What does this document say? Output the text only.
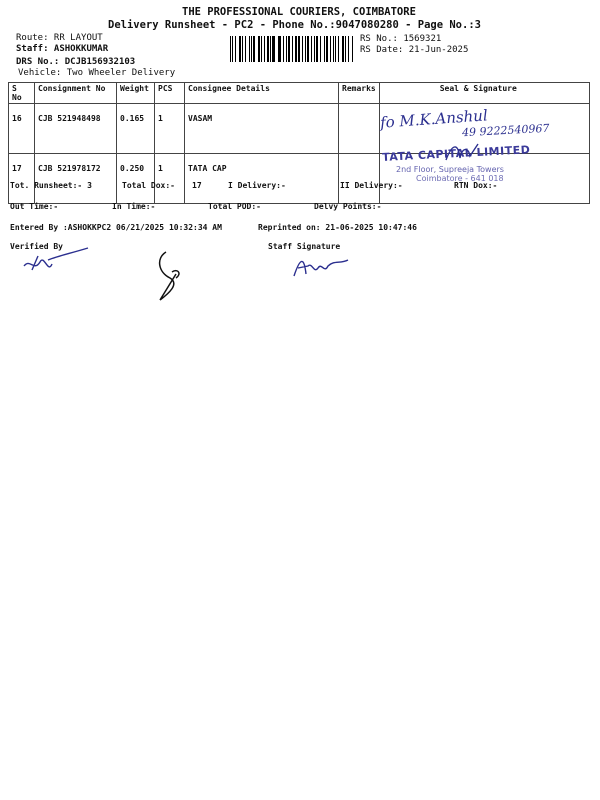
THE PROFESSIONAL COURIERS, COIMBATORE
Delivery Runsheet - PC2 - Phone No.:9047080280 - Page No.:3
Route: RR LAYOUT
Staff: ASHOKKUMAR
DRS No.: DCJB156932103
Vehicle: Two Wheeler Delivery
RS No.: 1569321
RS Date: 21-Jun-2025
S No	Consignment No	Weight	PCS	Consignee Details	Remarks	Seal & Signature
16	CJB 521948498	0.165	1	VASAM		
17	CJB 521978172	0.250	1	TATA CAP		
fo M.K.Anshul
49 9222540967
TATA CAPITAL LIMITED
2nd Floor, Supreeja Towers
Coimbatore - 641 018
Tot. Runsheet:- 3	Total Dox:- 17	I Delivery:-	II Delivery:-	RTN Dox:-
Out Time:-	In Time:-	Total POD:-	Delvy Points:-
Entered By :ASHOKKPC2 06/21/2025 10:32:34 AM	Reprinted on: 21-06-2025 10:47:46
Verified By	Staff Signature
